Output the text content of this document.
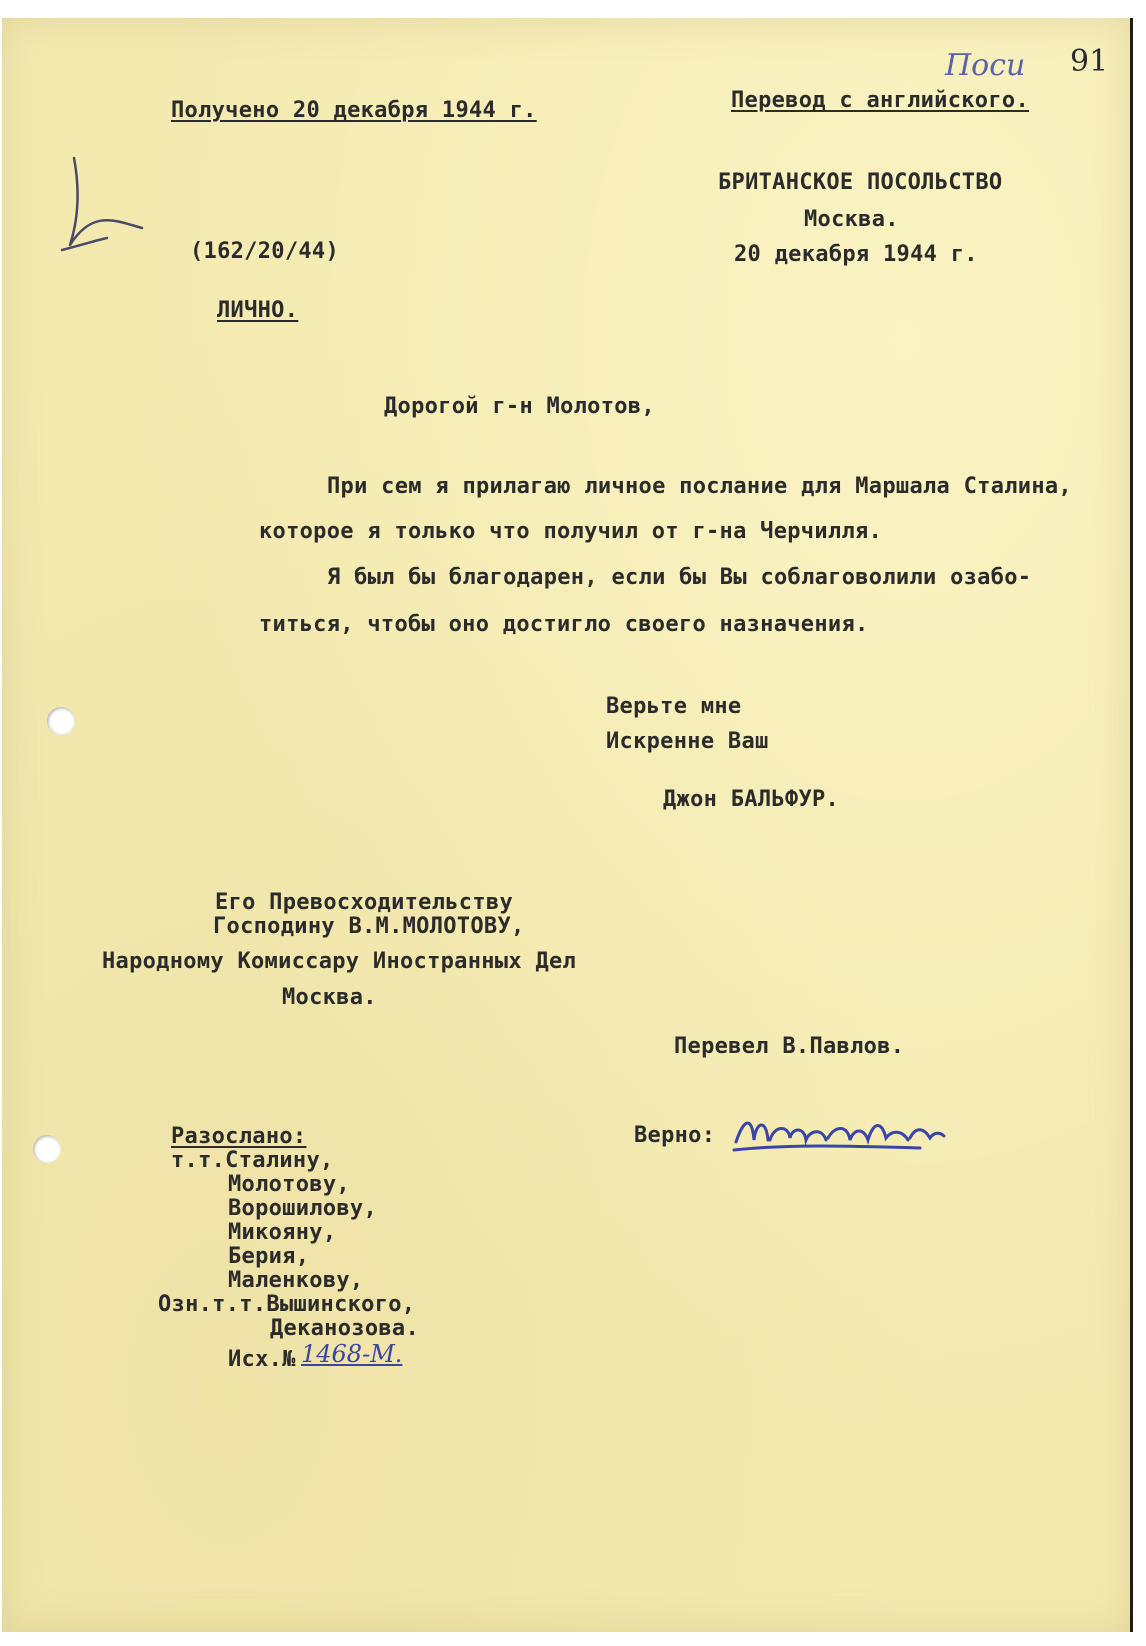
Поси 91

Получено 20 декабря 1944 г.	Перевод с английского.

БРИТАНСКОЕ ПОСОЛЬСТВО

Москва.

20 декабря 1944 г.

(162/20/44)

ЛИЧНО.

Дорогой г-н Молотов,

При сем я прилагаю личное послание для Маршала Сталина,

которое я только что получил от г-на Черчилля.

Я был бы благодарен, если бы Вы соблаговолили озабо-

титься, чтобы оно достигло своего назначения.

Верьте мне

Искренне Ваш

Джон БАЛЬФУР.

Его Превосходительству

Господину В.М.МОЛОТОВУ,

Народному Комиссару Иностранных Дел

Москва.

Перевел В.Павлов.

Верно:

Разослано:

т.т.Сталину,

Молотову,

Ворошилову,

Микояну,

Берия,

Маленкову,

Озн.т.т.Вышинского,

Деканозова.

Исх.№ 1468-М.
